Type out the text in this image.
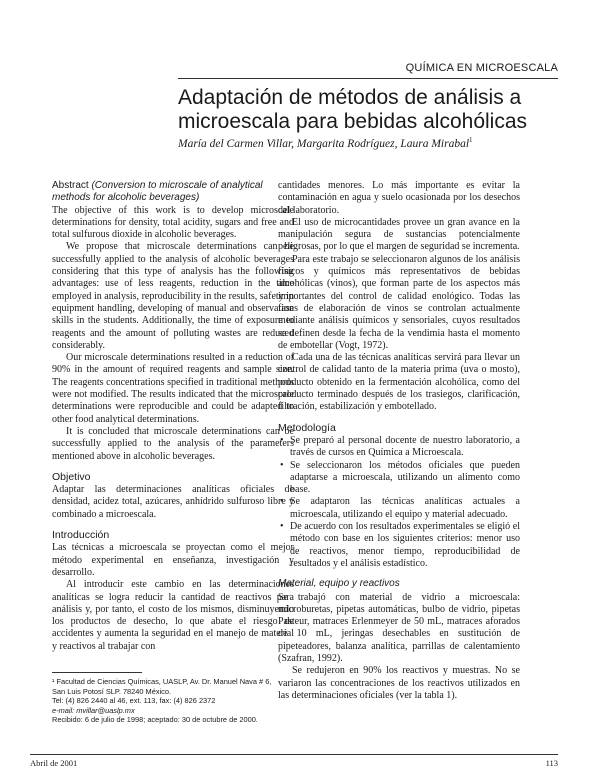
QUÍMICA EN MICROESCALA
Adaptación de métodos de análisis a
microescala para bebidas alcohólicas
María del Carmen Villar, Margarita Rodríguez, Laura Mirabal$^1$

Abstract (Conversion to microscale of analytical methods for alcoholic beverages)

The objective of this work is to develop microscale determinations for density, total acidity, sugars and free and total sulfurous dioxide in alcoholic beverages.

We propose that microscale determinations can be successfully applied to the analysis of alcoholic beverages considering that this type of analysis has the following advantages: use of less reagents, reduction in the time employed in analysis, reproducibility in the results, safety in equipment handling, developing of manual and observation skills in the students. Additionally, the time of exposure to reagents and the amount of polluting wastes are reduced considerably.

Our microscale determinations resulted in a reduction of 90% in the amount of required reagents and sample size. The reagents concentrations specified in traditional methods were not modified. The results indicated that the microscale determinations were reproducible and could be adapted to other food analytical determinations.

It is concluded that microscale determinations can be successfully applied to the analysis of the parameters mentioned above in alcoholic beverages.

Objetivo

Adaptar las determinaciones analíticas oficiales de densidad, acidez total, azúcares, anhídrido sulfuroso libre y combinado a microescala.

Introducción

Las técnicas a microescala se proyectan como el mejor método experimental en enseñanza, investigación y desarrollo.

Al introducir este cambio en las determinaciones analíticas se logra reducir la cantidad de reactivos para análisis y, por tanto, el costo de los mismos, disminuyendo los productos de desecho, lo que abate el riesgo de accidentes y aumenta la seguridad en el manejo de material y reactivos al trabajar con

¹ Facultad de Ciencias Químicas, UASLP, Av. Dr. Manuel Nava # 6, San Luis Potosí SLP. 78240 México.
Tel: (4) 826 2440 al 46, ext. 113, fax: (4) 826 2372
e-mail: mvillar@uaslp.mx
Recibido: 6 de julio de 1998; aceptado: 30 de octubre de 2000.

cantidades menores. Lo más importante es evitar la contaminación en agua y suelo ocasionada por los desechos del laboratorio.

El uso de microcantidades provee un gran avance en la manipulación segura de sustancias potencialmente peligrosas, por lo que el margen de seguridad se incrementa.

Para este trabajo se seleccionaron algunos de los análisis físicos y químicos más representativos de bebidas alcohólicas (vinos), que forman parte de los aspectos más importantes del control de calidad enológico. Todas las fases de elaboración de vinos se controlan actualmente mediante análisis químicos y sensoriales, cuyos resultados se definen desde la fecha de la vendimia hasta el momento de embotellar (Vogt, 1972).

Cada una de las técnicas analíticas servirá para llevar un control de calidad tanto de la materia prima (uva o mosto), producto obtenido en la fermentación alcohólica, como del producto terminado después de los trasiegos, clarificación, filtración, estabilización y embotellado.

Metodología
• Se preparó al personal docente de nuestro laboratorio, a través de cursos en Química a Microescala.
• Se seleccionaron los métodos oficiales que pueden adaptarse a microescala, utilizando un alimento como base.
• Se adaptaron las técnicas analíticas actuales a microescala, utilizando el equipo y material adecuado.
• De acuerdo con los resultados experimentales se eligió el método con base en los siguientes criterios: menor uso de reactivos, menor tiempo, reproducibilidad de resultados y el análisis estadístico.
Material, equipo y reactivos

Se trabajó con material de vidrio a microescala: microburetas, pipetas automáticas, bulbo de vidrio, pipetas Pasteur, matraces Erlenmeyer de 50 mL, matraces aforados de 10 mL, jeringas desechables en sustitución de pipeteadores, balanza analítica, parrillas de calentamiento (Szafran, 1992).

Se redujeron en 90% los reactivos y muestras. No se variaron las concentraciones de los reactivos utilizados en las determinaciones oficiales (ver la tabla 1).

Abril de 2001	113
